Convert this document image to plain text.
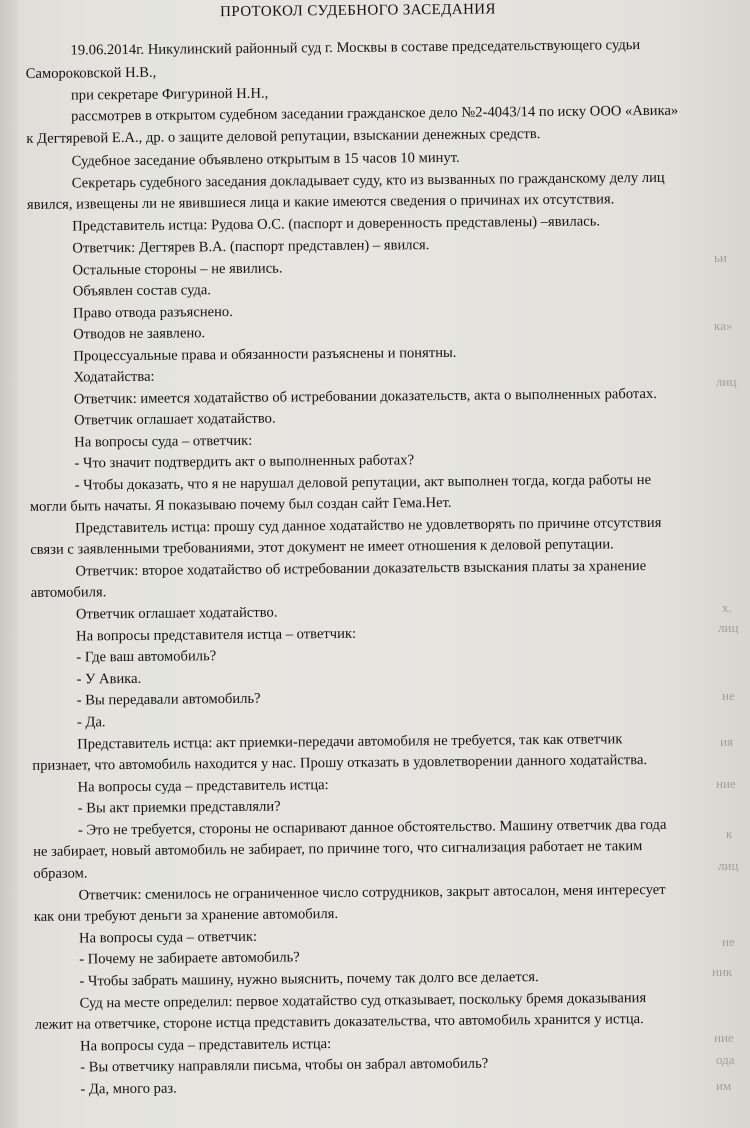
ПРОТОКОЛ СУДЕБНОГО ЗАСЕДАНИЯ
19.06.2014г. Никулинский районный суд г. Москвы в составе председательствующего судьи
Самороковской Н.В.,
при секретаре Фигуриной Н.Н.,
рассмотрев в открытом судебном заседании гражданское дело №2-4043/14 по иску ООО «Авика»
к Дегтяревой Е.А., др. о защите деловой репутации, взыскании денежных средств.
Судебное заседание объявлено открытым в 15 часов 10 минут.
Секретарь судебного заседания докладывает суду, кто из вызванных по гражданскому делу лиц
явился, извещены ли не явившиеся лица и какие имеются сведения о причинах их отсутствия.
Представитель истца: Рудова О.С. (паспорт и доверенность представлены) –явилась.
Ответчик: Дегтярев В.А. (паспорт представлен) – явился.
Остальные стороны – не явились.
Объявлен состав суда.
Право отвода разъяснено.
Отводов не заявлено.
Процессуальные права и обязанности разъяснены и понятны.
Ходатайства:
Ответчик: имеется ходатайство об истребовании доказательств, акта о выполненных работах.
Ответчик оглашает ходатайство.
На вопросы суда – ответчик:
- Что значит подтвердить акт о выполненных работах?
- Чтобы доказать, что я не нарушал деловой репутации, акт выполнен тогда, когда работы не
могли быть начаты. Я показываю почему был создан сайт Гема.Нет.
Представитель истца: прошу суд данное ходатайство не удовлетворять по причине отсутствия
связи с заявленными требованиями, этот документ не имеет отношения к деловой репутации.
Ответчик: второе ходатайство об истребовании доказательств взыскания платы за хранение
автомобиля.
Ответчик оглашает ходатайство.
На вопросы представителя истца – ответчик:
- Где ваш автомобиль?
- У Авика.
- Вы передавали автомобиль?
- Да.
Представитель истца: акт приемки-передачи автомобиля не требуется, так как ответчик
признает, что автомобиль находится у нас. Прошу отказать в удовлетворении данного ходатайства.
На вопросы суда – представитель истца:
- Вы акт приемки представляли?
- Это не требуется, стороны не оспаривают данное обстоятельство. Машину ответчик два года
не забирает, новый автомобиль не забирает, по причине того, что сигнализация работает не таким
образом.
Ответчик: сменилось не ограниченное число сотрудников, закрыт автосалон, меня интересует
как они требуют деньги за хранение автомобиля.
На вопросы суда – ответчик:
- Почему не забираете автомобиль?
- Чтобы забрать машину, нужно выяснить, почему так долго все делается.
Суд на месте определил: первое ходатайство суд отказывает, поскольку бремя доказывания
лежит на ответчике, стороне истца представить доказательства, что автомобиль хранится у истца.
На вопросы суда – представитель истца:
- Вы ответчику направляли письма, чтобы он забрал автомобиль?
- Да, много раз.
ьи
ка»
лиц
х.
лиц
не
ия
ние
к
лиц
не
ник
ние
ода
им
